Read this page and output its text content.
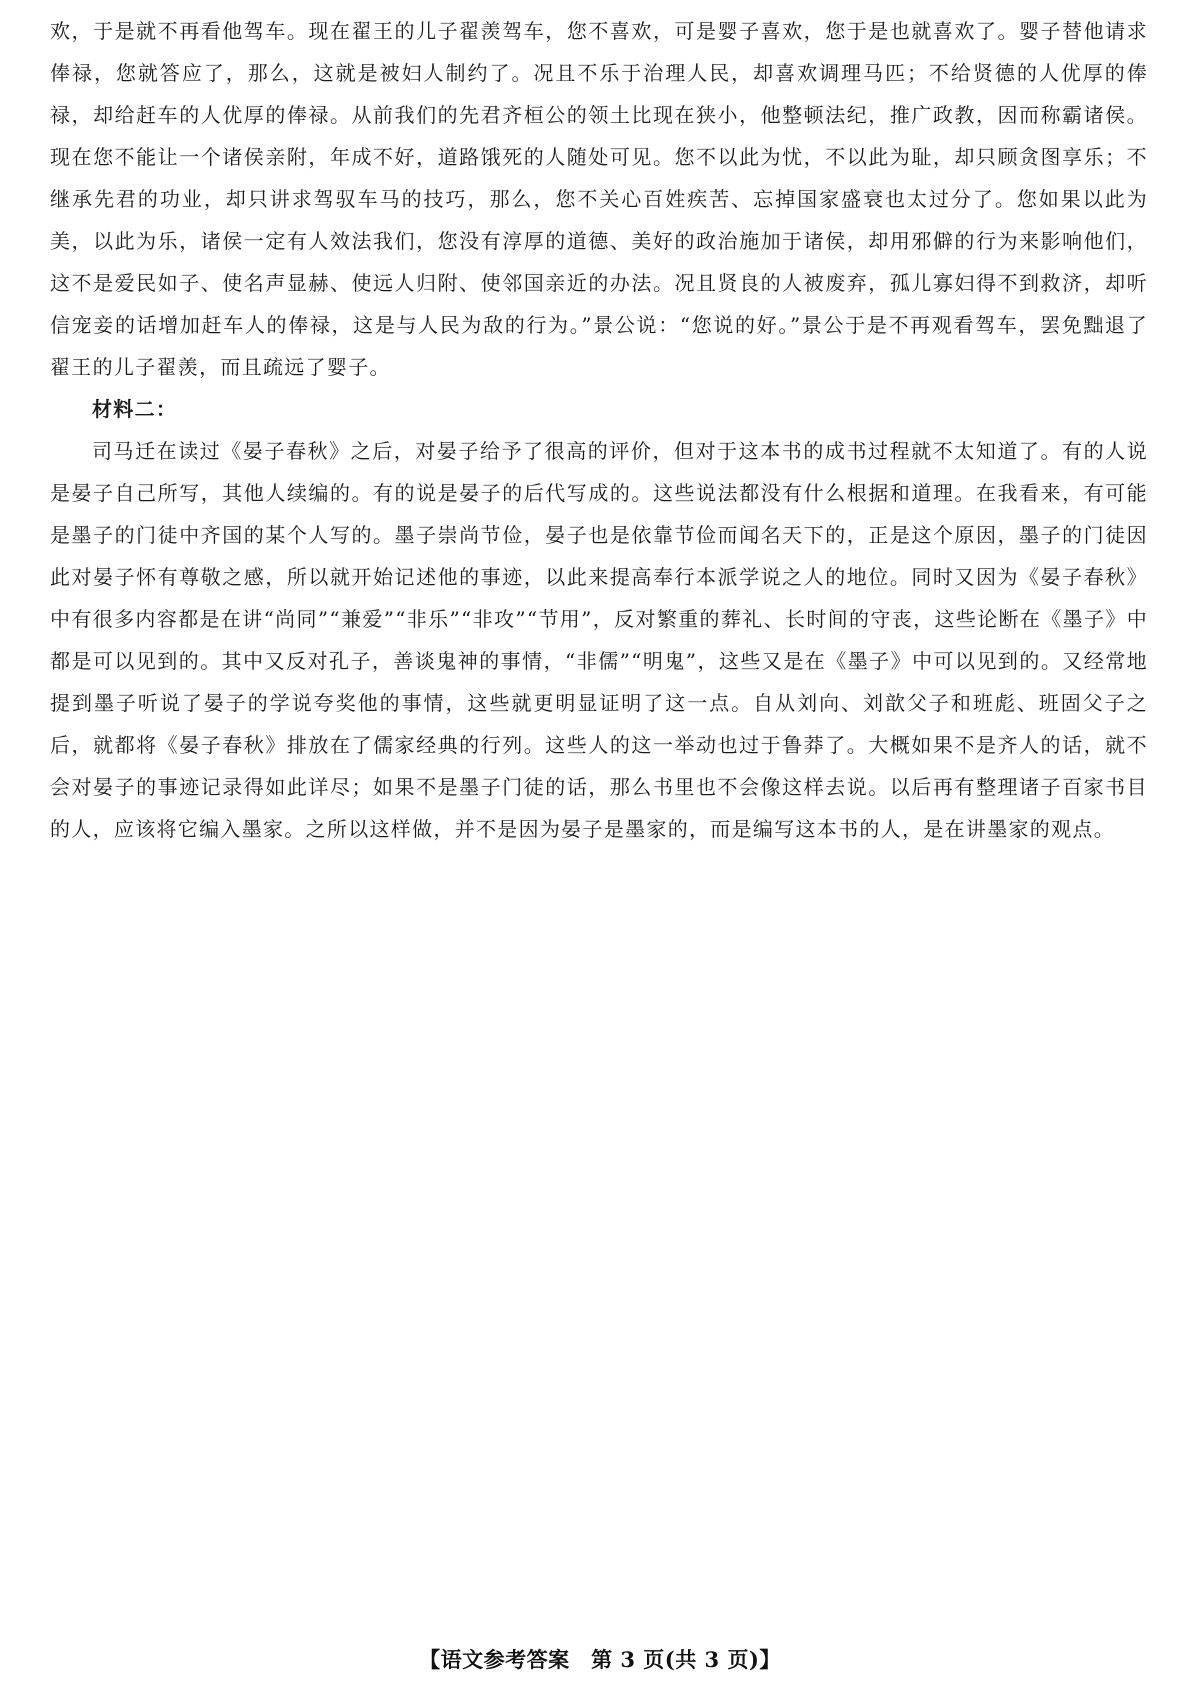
欢，于是就不再看他驾车。现在翟王的儿子翟羡驾车，您不喜欢，可是婴子喜欢，您于是也就喜欢了。婴子替他请求俸禄，您就答应了，那么，这就是被妇人制约了。况且不乐于治理人民，却喜欢调理马匹；不给贤德的人优厚的俸禄，却给赶车的人优厚的俸禄。从前我们的先君齐桓公的领土比现在狭小，他整顿法纪，推广政教，因而称霸诸侯。现在您不能让一个诸侯亲附，年成不好，道路饿死的人随处可见。您不以此为忧，不以此为耻，却只顾贪图享乐；不继承先君的功业，却只讲求驾驭车马的技巧，那么，您不关心百姓疾苦、忘掉国家盛衰也太过分了。您如果以此为美，以此为乐，诸侯一定有人效法我们，您没有淳厚的道德、美好的政治施加于诸侯，却用邪僻的行为来影响他们，这不是爱民如子、使名声显赫、使远人归附、使邻国亲近的办法。况且贤良的人被废弃，孤儿寡妇得不到救济，却听信宠妾的话增加赶车人的俸禄，这是与人民为敌的行为。”景公说：“您说的好。”景公于是不再观看驾车，罢免黜退了翟王的儿子翟羡，而且疏远了婴子。

材料二：

司马迁在读过《晏子春秋》之后，对晏子给予了很高的评价，但对于这本书的成书过程就不太知道了。有的人说是晏子自己所写，其他人续编的。有的说是晏子的后代写成的。这些说法都没有什么根据和道理。在我看来，有可能是墨子的门徒中齐国的某个人写的。墨子崇尚节俭，晏子也是依靠节俭而闻名天下的，正是这个原因，墨子的门徒因此对晏子怀有尊敬之感，所以就开始记述他的事迹，以此来提高奉行本派学说之人的地位。同时又因为《晏子春秋》中有很多内容都是在讲“尚同”“兼爱”“非乐”“非攻”“节用”，反对繁重的葬礼、长时间的守丧，这些论断在《墨子》中都是可以见到的。其中又反对孔子，善谈鬼神的事情，“非儒”“明鬼”，这些又是在《墨子》中可以见到的。又经常地提到墨子听说了晏子的学说夸奖他的事情，这些就更明显证明了这一点。自从刘向、刘歆父子和班彪、班固父子之后，就都将《晏子春秋》排放在了儒家经典的行列。这些人的这一举动也过于鲁莽了。大概如果不是齐人的话，就不会对晏子的事迹记录得如此详尽；如果不是墨子门徒的话，那么书里也不会像这样去说。以后再有整理诸子百家书目的人，应该将它编入墨家。之所以这样做，并不是因为晏子是墨家的，而是编写这本书的人，是在讲墨家的观点。

【语文参考答案　第 3 页(共 3 页)】
